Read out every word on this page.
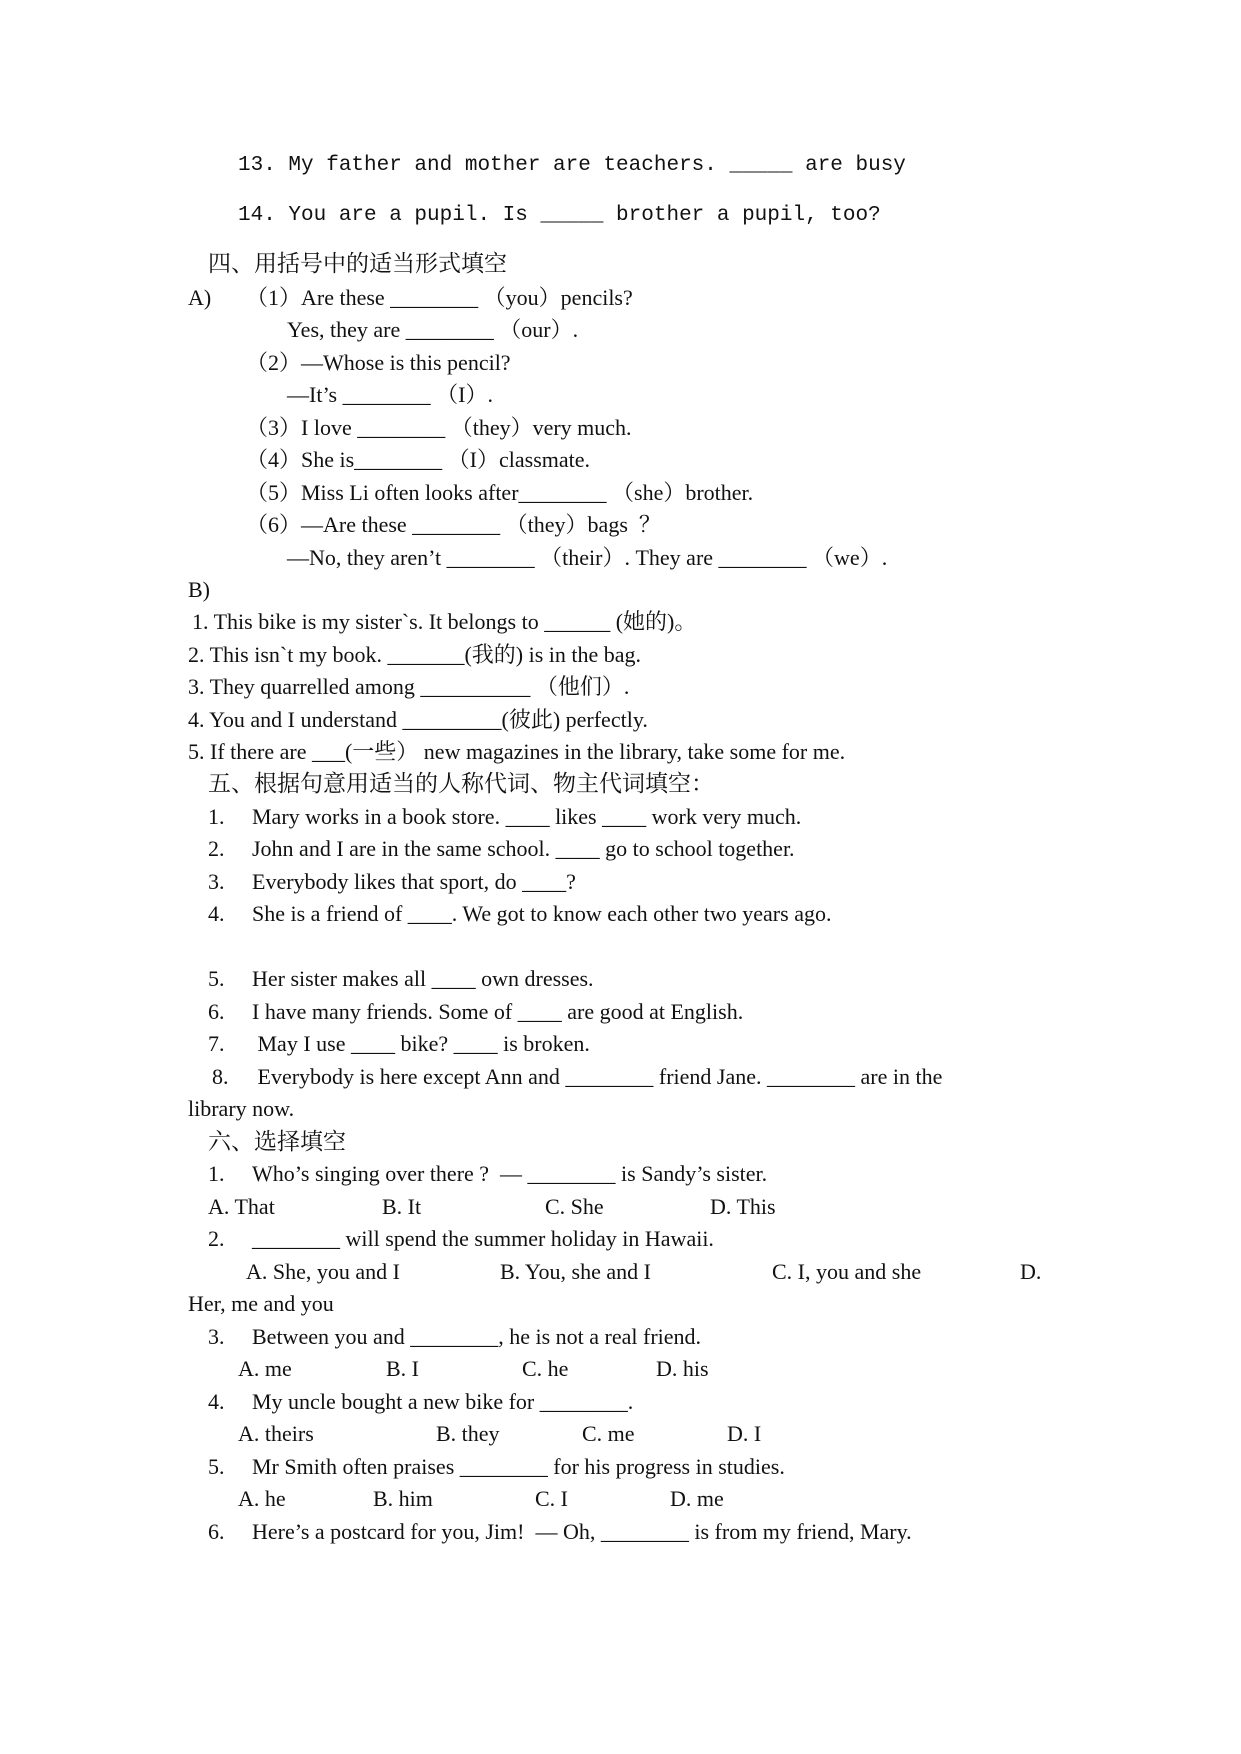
13. My father and mother are teachers. _____ are busy
14. You are a pupil. Is _____ brother a pupil, too?
四、用括号中的适当形式填空
A) （1）Are these ________ （you）pencils?
Yes, they are ________ （our）.
（2）—Whose is this pencil?
—It’s ________ （I）.
（3）I love ________ （they）very much.
（4）She is________ （I）classmate.
（5）Miss Li often looks after________ （she）brother.
（6）—Are these ________ （they）bags  ？
—No, they aren’t ________ （their）. They are ________ （we）.
B)
1. This bike is my sister`s. It belongs to ______ (她的)。
2. This isn`t my book. _______(我的) is in the bag.
3. They quarrelled among __________ （他们）.
4. You and I understand _________(彼此) perfectly.
5. If there are ___(一些） new magazines in the library, take some for me.
五、根据句意用适当的人称代词、物主代词填空：
1. Mary works in a book store. ____ likes ____ work very much.
2. John and I are in the same school. ____ go to school together.
3. Everybody likes that sport, do ____?
4. She is a friend of ____. We got to know each other two years ago.
5. Her sister makes all ____ own dresses.
6. I have many friends. Some of ____ are good at English.
7. May I use ____ bike? ____ is broken.
8. Everybody is here except Ann and ________ friend Jane. ________ are in the
library now.
六、选择填空
1. Who’s singing over there ?  — ________ is Sandy’s sister.
A. That	B. It	C. She	D. This
2. ________ will spend the summer holiday in Hawaii.
A. She, you and I	B. You, she and I	C. I, you and she	D.
Her, me and you
3. Between you and ________, he is not a real friend.
A. me	B. I	C. he	D. his
4. My uncle bought a new bike for ________.
A. theirs	B. they	C. me	D. I
5. Mr Smith often praises ________ for his progress in studies.
A. he	B. him	C. I	D. me
6. Here’s a postcard for you, Jim!  — Oh, ________ is from my friend, Mary.
